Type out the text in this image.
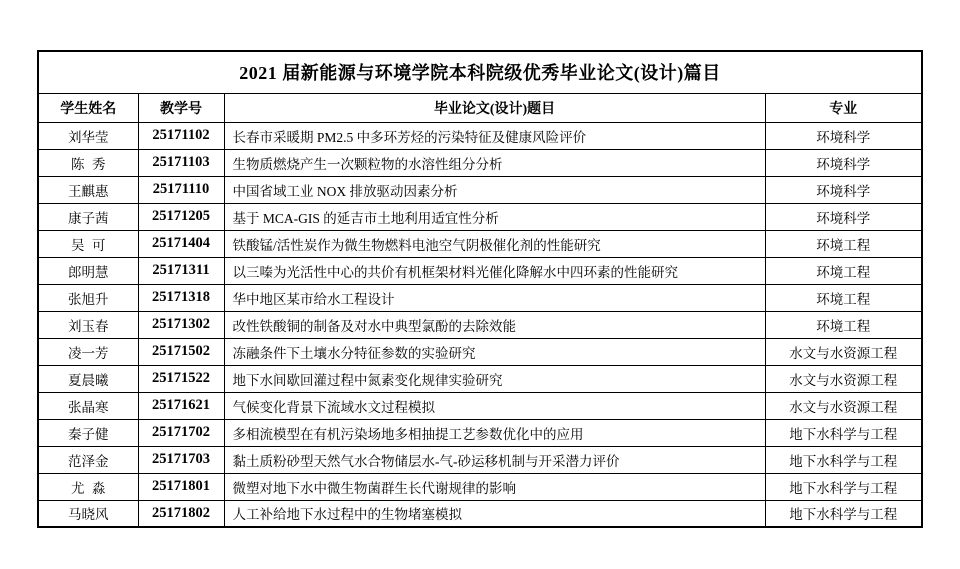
2021 届新能源与环境学院本科院级优秀毕业论文(设计)篇目			
学生姓名	教学号	毕业论文(设计)题目	专业
刘华莹	25171102	长春市采暖期 PM2.5 中多环芳烃的污染特征及健康风险评价	环境科学
陈秀	25171103	生物质燃烧产生一次颗粒物的水溶性组分分析	环境科学
王麒惠	25171110	中国省域工业 NOX 排放驱动因素分析	环境科学
康子茜	25171205	基于 MCA-GIS 的延吉市土地利用适宜性分析	环境科学
吴可	25171404	铁酸锰/活性炭作为微生物燃料电池空气阴极催化剂的性能研究	环境工程
郎明慧	25171311	以三嗪为光活性中心的共价有机框架材料光催化降解水中四环素的性能研究	环境工程
张旭升	25171318	华中地区某市给水工程设计	环境工程
刘玉春	25171302	改性铁酸铜的制备及对水中典型氯酚的去除效能	环境工程
凌一芳	25171502	冻融条件下土壤水分特征参数的实验研究	水文与水资源工程
夏晨曦	25171522	地下水间歇回灌过程中氮素变化规律实验研究	水文与水资源工程
张晶寒	25171621	气候变化背景下流域水文过程模拟	水文与水资源工程
秦子健	25171702	多相流模型在有机污染场地多相抽提工艺参数优化中的应用	地下水科学与工程
范泽金	25171703	黏土质粉砂型天然气水合物储层水-气-砂运移机制与开采潜力评价	地下水科学与工程
尤淼	25171801	微塑对地下水中微生物菌群生长代谢规律的影响	地下水科学与工程
马晓风	25171802	人工补给地下水过程中的生物堵塞模拟	地下水科学与工程
